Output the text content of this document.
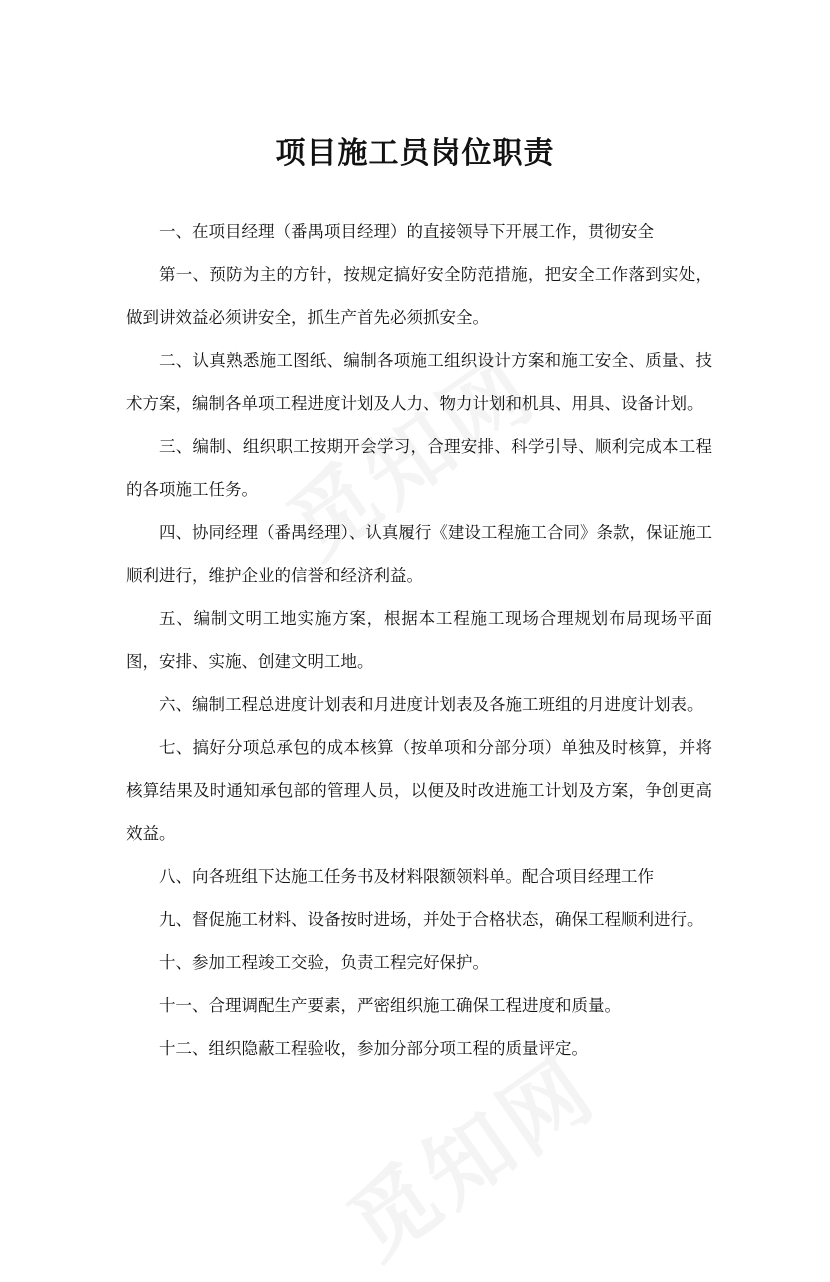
项目施工员岗位职责

一、在项目经理（番禺项目经理）的直接领导下开展工作，贯彻安全

第一、预防为主的方针，按规定搞好安全防范措施，把安全工作落到实处，做到讲效益必须讲安全，抓生产首先必须抓安全。

二、认真熟悉施工图纸、编制各项施工组织设计方案和施工安全、质量、技术方案，编制各单项工程进度计划及人力、物力计划和机具、用具、设备计划。

三、编制、组织职工按期开会学习，合理安排、科学引导、顺利完成本工程的各项施工任务。

四、协同经理（番禺经理）、认真履行《建设工程施工合同》条款，保证施工顺利进行，维护企业的信誉和经济利益。

五、编制文明工地实施方案，根据本工程施工现场合理规划布局现场平面图，安排、实施、创建文明工地。

六、编制工程总进度计划表和月进度计划表及各施工班组的月进度计划表。

七、搞好分项总承包的成本核算（按单项和分部分项）单独及时核算，并将核算结果及时通知承包部的管理人员，以便及时改进施工计划及方案，争创更高效益。

八、向各班组下达施工任务书及材料限额领料单。配合项目经理工作

九、督促施工材料、设备按时进场，并处于合格状态，确保工程顺利进行。

十、参加工程竣工交验，负责工程完好保护。

十一、合理调配生产要素，严密组织施工确保工程进度和质量。

十二、组织隐蔽工程验收，参加分部分项工程的质量评定。
